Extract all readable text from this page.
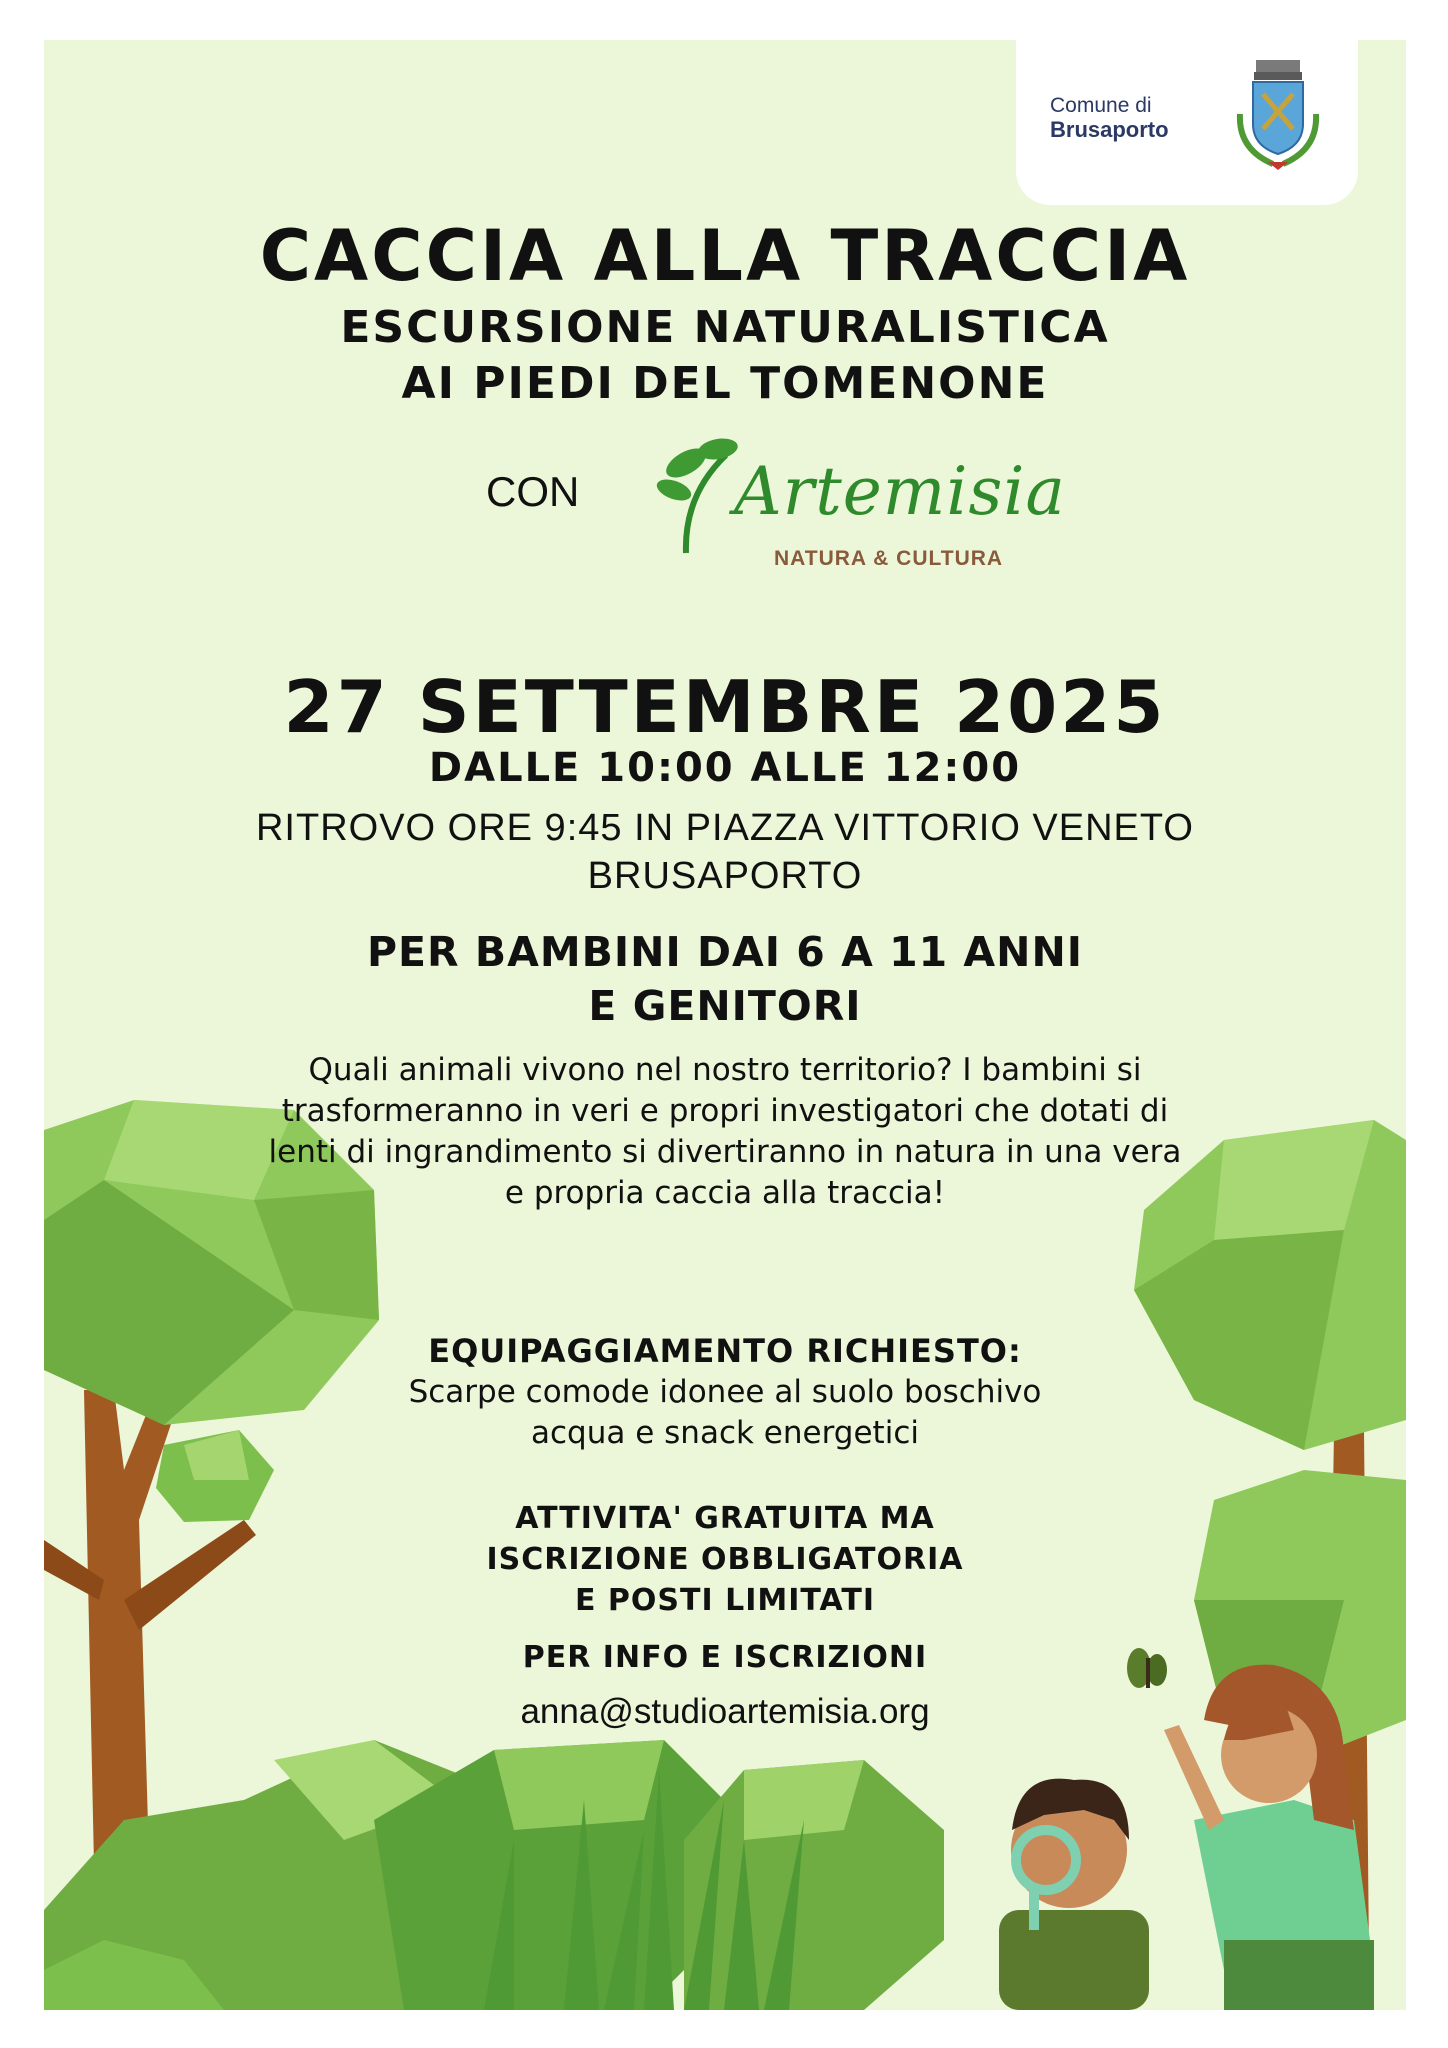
Comune di
Brusaporto
CACCIA ALLA TRACCIA
ESCURSIONE NATURALISTICA
AI PIEDI DEL TOMENONE
CON Artemisia
NATURA & CULTURA
27 SETTEMBRE 2025
DALLE 10:00 ALLE 12:00
RITROVO ORE 9:45 IN PIAZZA VITTORIO VENETO
BRUSAPORTO
PER BAMBINI DAI 6 A 11 ANNI
E GENITORI
Quali animali vivono nel nostro territorio? I bambini si
trasformeranno in veri e propri investigatori che dotati di
lenti di ingrandimento si divertiranno in natura in una vera
e propria caccia alla traccia!
EQUIPAGGIAMENTO RICHIESTO:
Scarpe comode idonee al suolo boschivo
acqua e snack energetici
ATTIVITA' GRATUITA MA
ISCRIZIONE OBBLIGATORIA
E POSTI LIMITATI
PER INFO E ISCRIZIONI
anna@studioartemisia.org
